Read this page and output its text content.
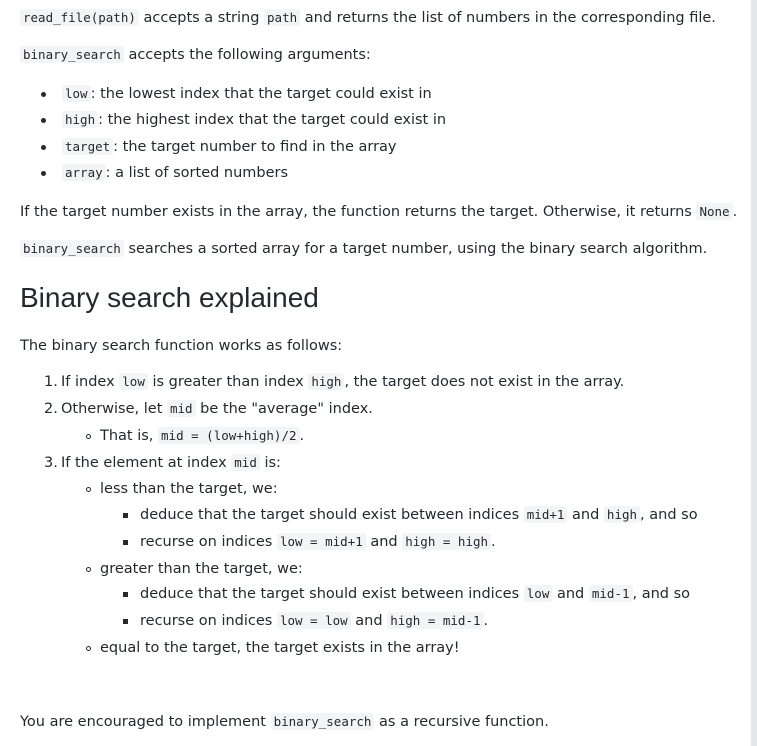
read_file(path) accepts a string path and returns the list of numbers in the corresponding file.
binary_search accepts the following arguments:
low : the lowest index that the target could exist in
high : the highest index that the target could exist in
target : the target number to find in the array
array : a list of sorted numbers
If the target number exists in the array, the function returns the target. Otherwise, it returns None .
binary_search searches a sorted array for a target number, using the binary search algorithm.
Binary search explained
The binary search function works as follows:
1. If index low is greater than index high , the target does not exist in the array.
2. Otherwise, let mid be the "average" index.
That is, mid = (low+high)/2 .
3. If the element at index mid is:
less than the target, we:
deduce that the target should exist between indices mid+1 and high , and so
recurse on indices low = mid+1 and high = high .
greater than the target, we:
deduce that the target should exist between indices low and mid-1 , and so
recurse on indices low = low and high = mid-1 .
equal to the target, the target exists in the array!
You are encouraged to implement binary_search as a recursive function.
